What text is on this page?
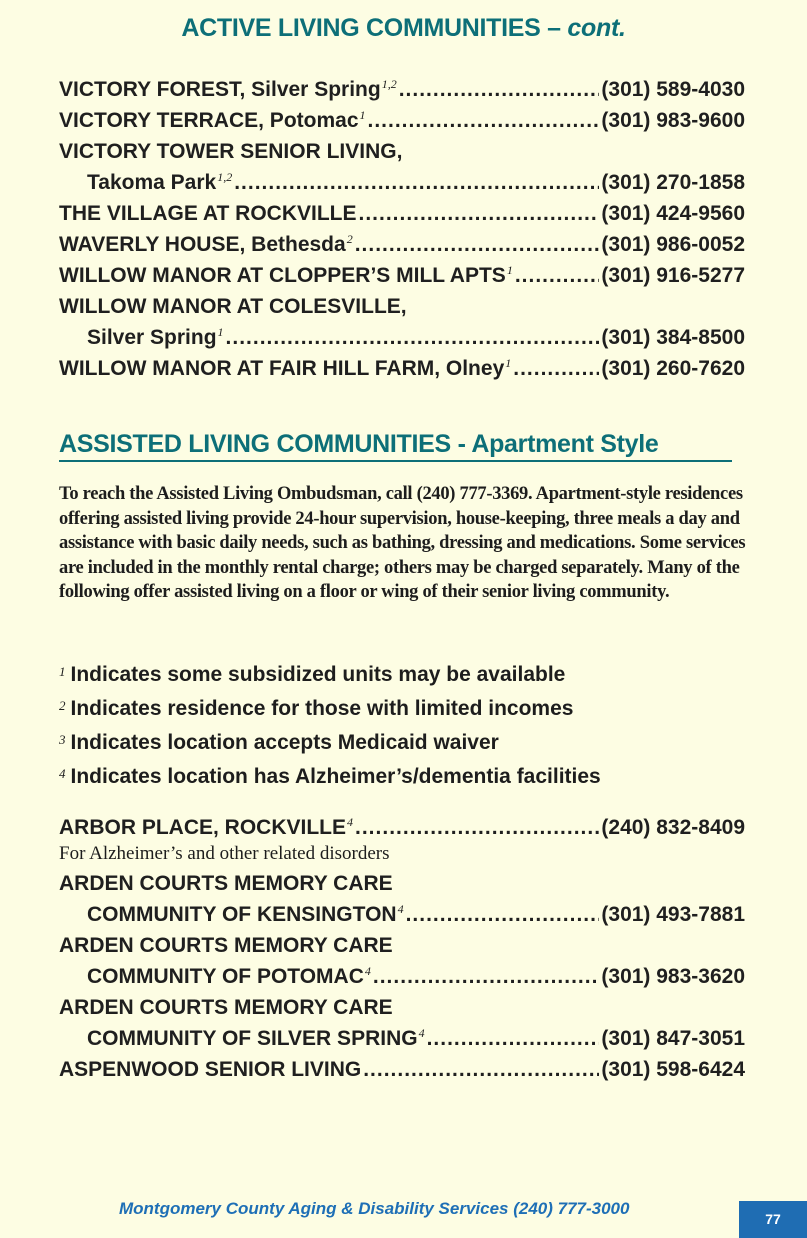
ACTIVE LIVING COMMUNITIES – cont.
VICTORY FOREST, Silver Spring$^{1,2}$ .....	(301) 589-4030
VICTORY TERRACE, Potomac$^1$ .....	(301) 983-9600
VICTORY TOWER SENIOR LIVING,
Takoma Park$^{1,2}$ .....	(301) 270-1858
THE VILLAGE AT ROCKVILLE .....	(301) 424-9560
WAVERLY HOUSE, Bethesda$^2$ .....	(301) 986-0052
WILLOW MANOR AT CLOPPER’S MILL APTS$^1$ .....	(301) 916-5277
WILLOW MANOR AT COLESVILLE,
Silver Spring$^1$ .....	(301) 384-8500
WILLOW MANOR AT FAIR HILL FARM, Olney$^1$ .....	(301) 260-7620
ASSISTED LIVING COMMUNITIES - Apartment Style
To reach the Assisted Living Ombudsman, call (240) 777-3369. Apartment-style residences offering assisted living provide 24-hour supervision, house-keeping, three meals a day and assistance with basic daily needs, such as bathing, dressing and medications. Some services are included in the monthly rental charge; others may be charged separately. Many of the following offer assisted living on a floor or wing of their senior living community.
$^1$ Indicates some subsidized units may be available
$^2$ Indicates residence for those with limited incomes
$^3$ Indicates location accepts Medicaid waiver
$^4$ Indicates location has Alzheimer’s/dementia facilities
ARBOR PLACE, ROCKVILLE$^4$ .....	(240) 832-8409
For Alzheimer’s and other related disorders
ARDEN COURTS MEMORY CARE
COMMUNITY OF KENSINGTON$^4$ .....	(301) 493-7881
ARDEN COURTS MEMORY CARE
COMMUNITY OF POTOMAC$^4$ .....	(301) 983-3620
ARDEN COURTS MEMORY CARE
COMMUNITY OF SILVER SPRING$^4$ .....	(301) 847-3051
ASPENWOOD SENIOR LIVING .....	(301) 598-6424
Montgomery County Aging & Disability Services (240) 777-3000
77
